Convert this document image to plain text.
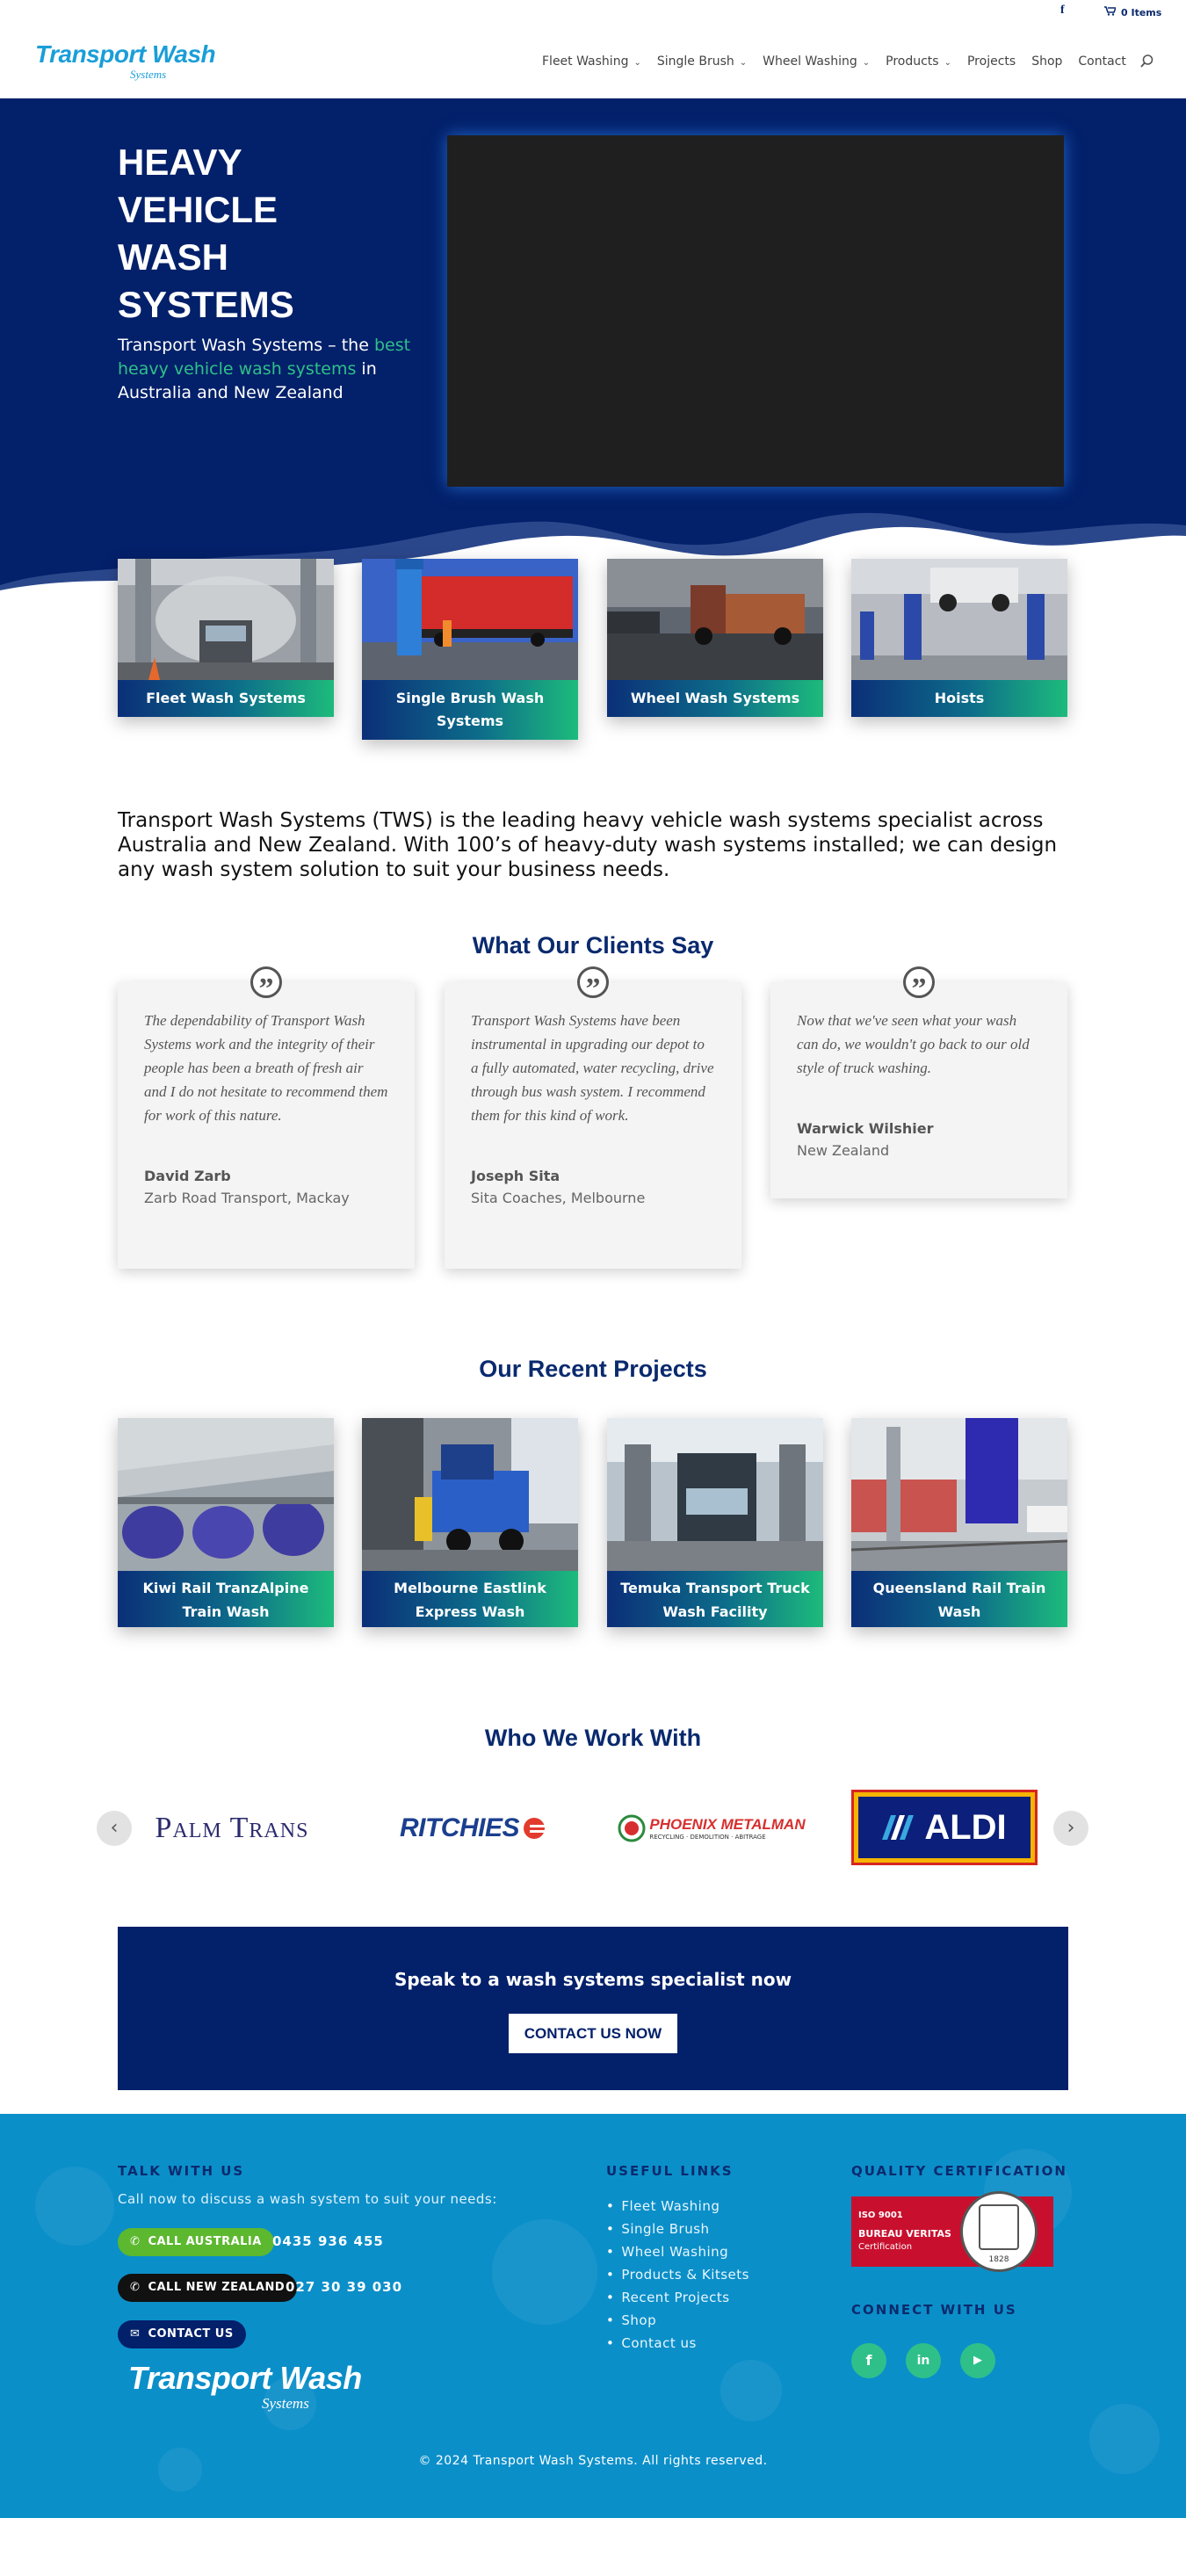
f	0 Items
Transport Wash
Systems
Fleet Washing ⌄ Single Brush ⌄ Wheel Washing ⌄ Products ⌄ Projects Shop Contact
HEAVY VEHICLE WASH SYSTEMS
Transport Wash Systems – the best heavy vehicle wash systems in Australia and New Zealand
Fleet Wash Systems	Single Brush Wash Systems
Wheel Wash Systems	Hoists

Transport Wash Systems (TWS) is the leading heavy vehicle wash systems specialist across Australia and New Zealand. With 100’s of heavy-duty wash systems installed; we can design any wash system solution to suit your business needs.

What Our Clients Say
”
The dependability of Transport Wash Systems work and the integrity of their people has been a breath of fresh air and I do not hesitate to recommend them for work of this nature.
David Zarb
Zarb Road Transport, Mackay
”
Transport Wash Systems have been instrumental in upgrading our depot to a fully automated, water recycling, drive through bus wash system. I recommend them for this kind of work.
Joseph Sita
Sita Coaches, Melbourne
”
Now that we've seen what your wash can do, we wouldn't go back to our old style of truck washing.
Warwick Wilshier
New Zealand
Our Recent Projects
Kiwi Rail TranzAlpine Train Wash
Melbourne Eastlink Express Wash
Temuka Transport Truck Wash Facility
Queensland Rail Train Wash
Who We Work With
‹	›
Palm Trans	RITCHIES	PHOENIX METALMAN
RECYCLING · DEMOLITION · ABITRAGE	ALDI
Speak to a wash systems specialist now
CONTACT US NOW
TALK WITH US
Call now to discuss a wash system to suit your needs:
✆ CALL AUSTRALIA 0435 936 455
✆ CALL NEW ZEALAND 027 30 39 030
✉ CONTACT US
Transport Wash
Systems
USEFUL LINKS
• Fleet Washing
• Single Brush
• Wheel Washing
• Products & Kitsets
• Recent Projects
• Shop
• Contact us
QUALITY CERTIFICATION
ISO 9001
BUREAU VERITAS
Certification
1828
CONNECT WITH US
f	in	▶
© 2024 Transport Wash Systems. All rights reserved.
